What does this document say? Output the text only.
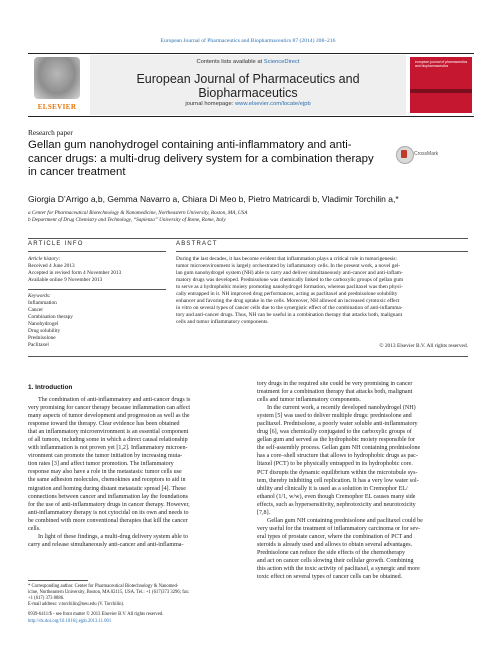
European Journal of Pharmaceutics and Biopharmaceutics 87 (2014) 208–216
ELSEVIER
Contents lists available at ScienceDirect
European Journal of Pharmaceutics and Biopharmaceutics
journal homepage: www.elsevier.com/locate/ejpb
european journal of pharmaceutics and biopharmaceutics
Research paper
Gellan gum nanohydrogel containing anti-inflammatory and anti-cancer drugs: a multi-drug delivery system for a combination therapy in cancer treatment
CrossMark
Giorgia D’Arrigo a,b, Gemma Navarro a, Chiara Di Meo b, Pietro Matricardi b, Vladimir Torchilin a,*
a Center for Pharmaceutical Biotechnology & Nanomedicine, Northeastern University, Boston, MA, USA
b Department of Drug Chemistry and Technology, “Sapienza” University of Rome, Rome, Italy
ARTICLE INFO	ABSTRACT
Article history:
Received 4 June 2013
Accepted in revised form 4 November 2013
Available online 9 November 2013
Keywords:
Inflammation
Cancer
Combination therapy
Nanohydrogel
Drug solubility
Prednisolone
Paclitaxel
During the last decades, it has become evident that inflammation plays a critical role in tumorigenesis:
tumor microenvironment is largely orchestrated by inflammatory cells. In the present work, a novel gel-
lan gum nanohydrogel system (NH) able to carry and deliver simultaneously anti-cancer and anti-inflam-
matory drugs was developed. Prednisolone was chemically linked to the carboxylic groups of gellan gum
to serve as a hydrophobic moiety promoting nanohydrogel formation, whereas paclitaxel was then physi-
cally entrapped in it. NH improved drug performances, acting as paclitaxel and prednisolone solubility
enhancer and favoring the drug uptake in the cells. Moreover, NH allowed an increased cytotoxic effect
in vitro on several types of cancer cells due to the synergistic effect of the combination of anti-inflamma-
tory and anti-cancer drugs. Thus, NH can be useful in a combination therapy that attacks both, malignant
cells and tumor inflammatory components.
© 2013 Elsevier B.V. All rights reserved.
1. Introduction
The combination of anti-inflammatory and anti-cancer drugs is
very promising for cancer therapy because inflammation can affect
many aspects of tumor development and progression as well as the
response toward the therapy. Clear evidence has been obtained
that an inflammatory microenvironment is an essential component
of all tumors, including some in which a direct causal relationship
with inflammation is not proven yet [1,2]. Inflammatory microen-
vironment can promote the tumor initiation by increasing muta-
tion rates [3] and affect tumor promotion. The inflammatory
response may also have a role in the metastasis: tumor cells use
the same adhesion molecules, chemokines and receptors to aid in
migration and homing during distant metastatic spread [4]. These
connections between cancer and inflammation lay the foundations
for the use of anti-inflammatory drugs in cancer therapy. However,
anti-inflammatory therapy is not cytocidal on its own and needs to
be combined with more conventional therapies that kill the cancer
cells.
In light of these findings, a multi-drug delivery system able to
carry and release simultaneously anti-cancer and anti-inflamma-
tory drugs in the required site could be very promising in cancer
treatment for a combination therapy that attacks both, malignant
cells and tumor inflammatory components.
In the current work, a recently developed nanohydrogel (NH)
system [5] was used to deliver multiple drugs: prednisolone and
paclitaxel. Prednisolone, a poorly water soluble anti-inflammatory
drug [6], was chemically conjugated to the carboxylic groups of
gellan gum and served as the hydrophobic moiety responsible for
the self-assembly process. Gellan gum NH containing prednisolone
has a core–shell structure that allows to hydrophobic drugs as pac-
litaxel (PCT) to be physically entrapped in its hydrophobic core.
PCT disrupts the dynamic equilibrium within the microtubule sys-
tem, thereby inhibiting cell replication. It has a very low water sol-
ubility and clinically it is used as a solution in Cremophor EL/
ethanol (1/1, w/w), even though Cremophor EL causes many side
effects, such as hypersensitivity, nephrotoxicity and neurotoxicity
[7,8].
Gellan gum NH containing prednisolone and paclitaxel could be
very useful for the treatment of inflammatory carcinoma or for sev-
eral types of prostate cancer, where the combination of PCT and
steroids is already used and allows to obtain several advantages.
Prednisolone can reduce the side effects of the chemotherapy
and act on cancer cells slowing their cellular growth. Combining
this action with the toxic activity of paclitaxel, a synergic and more
toxic effect on several types of cancer cells can be obtained.
* Corresponding author. Center for Pharmaceutical Biotechnology & Nanomed-
icine, Northeastern University, Boston, MA 02115, USA. Tel.: +1 (617)373 3296; fax:
+1 (617) 373 8886.
E-mail address: v.torchilin@neu.edu (V. Torchilin).
0939-6411/$ - see front matter © 2013 Elsevier B.V. All rights reserved.
http://dx.doi.org/10.1016/j.ejpb.2013.11.001
